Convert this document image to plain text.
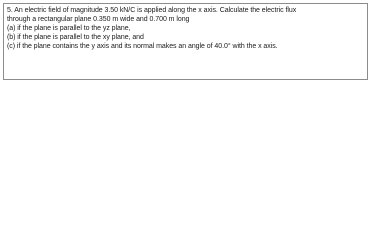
5. An electric field of magnitude 3.50 kN/C is applied along the x axis. Calculate the electric flux
through a rectangular plane 0.350 m wide and 0.700 m long
(a) if the plane is parallel to the yz plane,
(b) if the plane is parallel to the xy plane, and
(c) if the plane contains the y axis and its normal makes an angle of 40.0° with the x axis.
